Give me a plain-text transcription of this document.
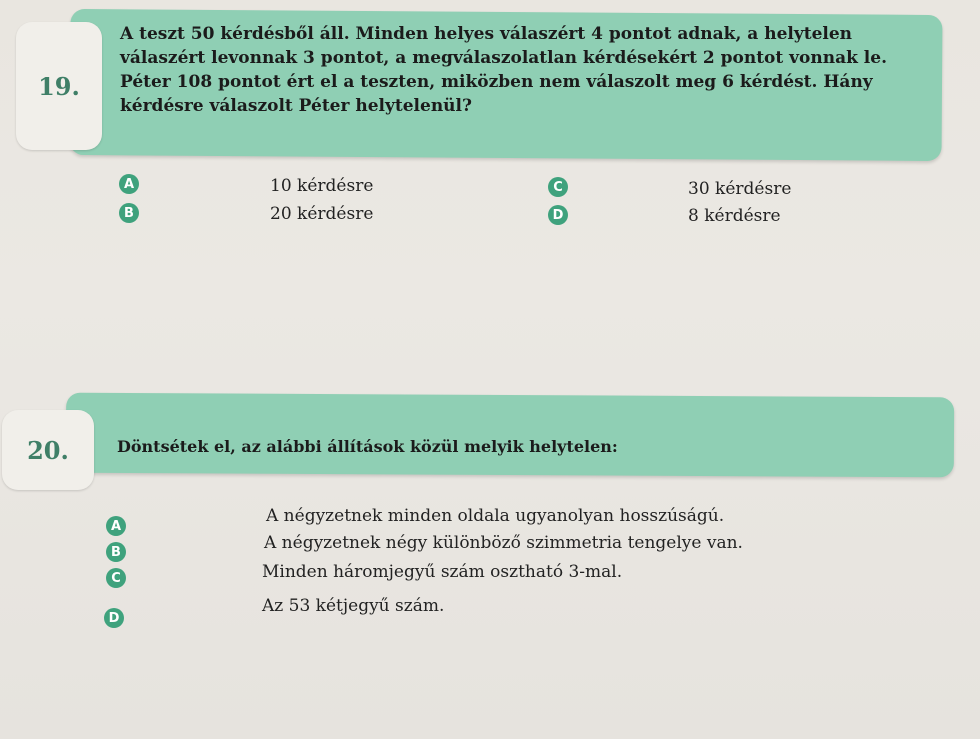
19.
A teszt 50 kérdésből áll. Minden helyes válaszért 4 pontot adnak, a helytelen
válaszért levonnak 3 pontot, a megválaszolatlan kérdésekért 2 pontot vonnak le.
Péter 108 pontot ért el a teszten, miközben nem válaszolt meg 6 kérdést. Hány
kérdésre válaszolt Péter helytelenül?
A	10 kérdésre
B	20 kérdésre
C	30 kérdésre
D	8 kérdésre
20.	Döntsétek el, az alábbi állítások közül melyik helytelen:
A	A négyzetnek minden oldala ugyanolyan hosszúságú.
B	A négyzetnek négy különböző szimmetria tengelye van.
C	Minden háromjegyű szám osztható 3-mal.
D
Az 53 kétjegyű szám.
